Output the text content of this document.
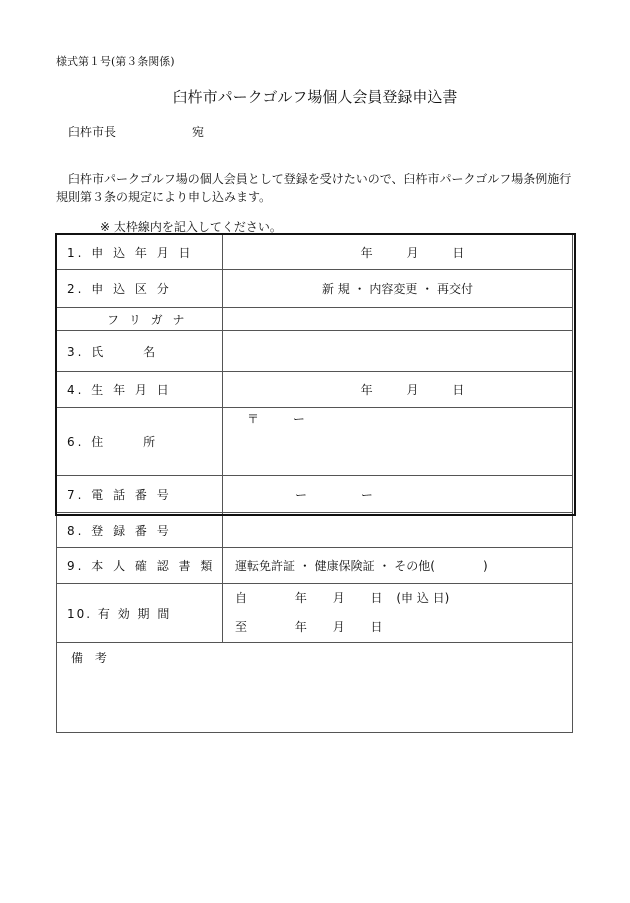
様式第１号(第３条関係)
臼杵市パークゴルフ場個人会員登録申込書
臼杵市長	宛
臼杵市パークゴルフ場の個人会員として登録を受けたいので、臼杵市パークゴルフ場条例施行規則第３条の規定により申し込みます。
※ 太枠線内を記入してください。
1. 申 込 年 月 日	年 月 日
2. 申 込 区 分	新 規 ・ 内容変更 ・ 再交付
フ リ ガ ナ	
3. 氏 　　名	
4. 生 年 月 日	年 月 日
6. 住　　 所	〒 ー
7. 電 話 番 号	ー ー
8. 登 録 番 号	
9. 本 人 確 認 書 類	運転免許証 ・ 健康保険証 ・ その他(　　　　)
10. 有 効 期 間	自 年 月 日 (申 込 日)
至 年 月 日

備 考	
